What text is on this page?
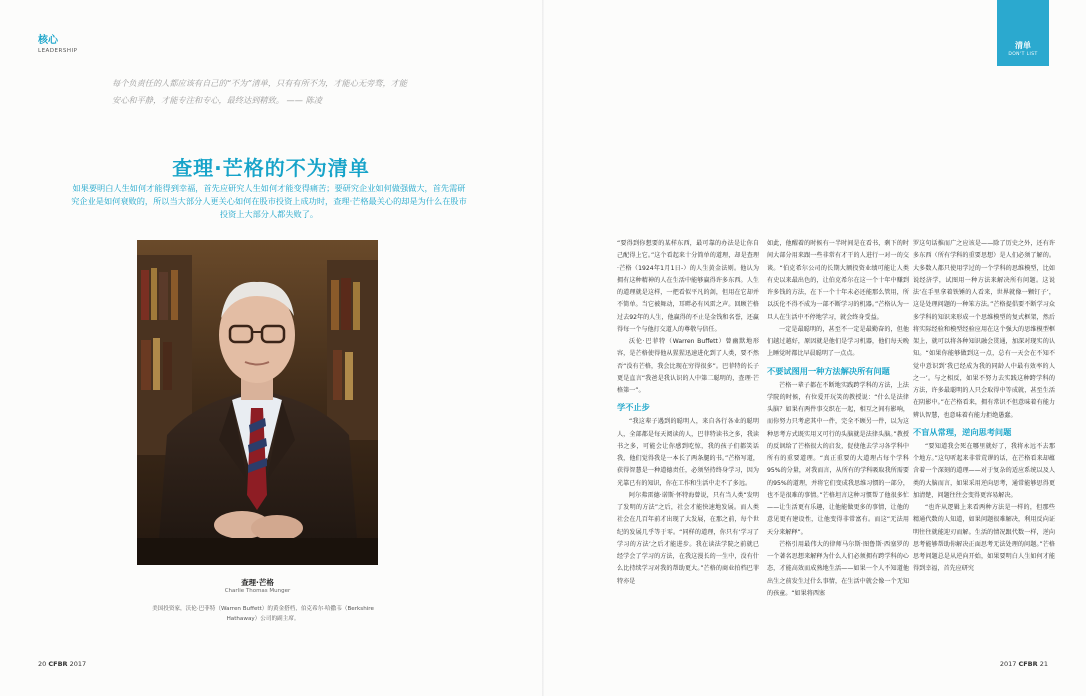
核心
LEADERSHIP
每个负责任的人都应该有自己的“不为”清单，只有有所不为，才能心无旁骛，才能安心和平静，才能专注和专心，最终达到精致。 —— 陈凌
查理·芒格的不为清单
如果要明白人生如何才能得到幸福，首先应研究人生如何才能变得痛苦；要研究企业如何做强做大，首先需研究企业是如何衰败的，所以当大部分人更关心如何在股市投资上成功时，查理·芒格最关心的却是为什么在股市投资上大部分人都失败了。
查理·芒格
Charlie Thomas Munger
美国投资家，沃伦·巴菲特（Warren Buffett）的黄金搭档，伯克希尔·哈撒韦（Berkshire Hathaway）公司的副主席。
20 CFBR 2017
清单
DON'T LIST

“要得到你想要的某样东西，最可靠的办法是让你自己配得上它。”这个看起来十分简单的道理，却是查理·芒格（1924年1月1日-）的人生黄金法则。他认为拥有这种精神的人在生活中能够赢得许多东西。人生的道理就是这样，一把看似平凡的剑，但用在它却并不简单。当它被舞动，耳畔必有风雷之声。回顾芒格过去92年的人生，他赢得的不止是金钱和名誉，还赢得每一个与他打交道人的尊敬与信任。

沃伦·巴菲特（Warren Buffett）曾幽默地形容，是芒格使得他从猩猩迅速进化到了人类，要不然否“没有芒格，我会比现在穷得很多”。巴菲特的长子更是直言“我爸是我认识的人中第二聪明的，查理·芒格第一”。

学不止步

“我这辈子遇到的聪明人，来自各行各业的聪明人，全部都是每天阅读的人，巴菲特读书之多，我读书之多，可能会让你感到吃惊，我的孩子们都笑话我，他们觉得我是一本长了两条腿的书。”芒格写道，获得智慧是一种道德责任，必须坚持终身学习，因为光靠已有的知识，你在工作和生活中走不了多远。

阿尔弗雷德·诺斯·怀特海曾说，只有当人类“发明了发明的方法”之后，社会才能快速地发展。而人类社会在几百年前才出现了大发展，在那之前，每个世纪的发展几乎等于零。“同样的道理，你只有‘学习了学习的方法’之后才能进步。我在读法学院之前就已经学会了学习的方法，在我这漫长的一生中，没有什么比持续学习对我的帮助更大。”芒格的商业拍档巴菲特亦是

如此，他醒着的时候有一半时间是在看书，剩下的时间大部分用来跟一些非常有才干的人进行一对一的交谈。“伯克希尔公司的长期大额投资业绩可能让人类有史以来最出色的，让伯克希尔在这一个十年中赚到许多钱的方法，在下一个十年未必还能那么管用，所以沃伦不得不成为一部不断学习的机器。”芒格认为一旦人在生活中不停地学习，就会终身受益。

一定是最聪明的，甚至不一定是最勤奋的，但他们越过越好，原因就是他们是学习机器，他们每天晚上睡觉时都比早晨聪明了一点点。

不要试图用一种方法解决所有问题

芒格一辈子都在不断地实践跨学科的方法，上法学院的时候，有位爱开玩笑的教授说：“什么是法律头脑？如果有两件事交织在一起，相互之间有影响，而你努力只考虑其中一件，完全不顾另一件，以为这种思考方式既实用又可行的头脑就是法律头脑。”教授的反讽给了芒格很大的启发，促使他去学习各学科中所有的重要道理。“真正重要的大道理占每个学科95%的分量，对我而言，从所有的学科吸取我所需要的95%的道理，并将它们变成我思维习惯的一部分，也不是很难的事情。”芒格坦言这种习惯帮了他很多忙——让生活更有乐趣，让他能做更多的事情，让他的意见更有建设性，让他变得非常富有。而这“无法用天分来解释”。

芒格引用最伟大的律师马尔斯·图鲁斯·西塞罗的一个著名思想来解释为什么人们必须拥有跨学科的心态，才能高效而成熟地生活——如果一个人不知道他出生之前发生过什么事情，在生活中就会像一个无知的孩童。“如果将西塞

罗这句话推而广之应该是——除了历史之外，还有许多东西（所有学科的重要思想）是人们必须了解的。大多数人都只使用学过的一个学科的思维模型，比如说经济学，试图用一种方法来解决所有问题。这说法‘在手里拿着铁锤的人看来，世界就像一颗钉子’，这是处理问题的一种笨方法。”芒格提倡要不断学习众多学科的知识来形成一个思维模型的复式框架，然后将实际经验和模型经验应用在这个强大的思维模型框架上，就可以将各种知识融会贯通，加深对现实的认知。“如果你能够做到这一点，总有一天会在不知不觉中意识到‘我已经成为我的同龄人中最有效率的人之一’。与之相反，如果不努力去实践这种跨学科的方法，许多最聪明的人只会取得中等成就，甚至生活在阴影中。”在芒格看来，拥有常识不但意味着有能力辨认智慧，也意味着有能力拒绝愚蠢。

不盲从常理，逆向思考问题

“要知道我会死在哪里就好了，我将永远不去那个地方。”这句听起来非常荒谬的话，在芒格看来却蕴含着一个深刻的道理——对于复杂的适应系统以及人类的大脑而言，如果采用逆向思考，通常能够思得更加清楚，问题往往会变得更容易解决。

“也许从逻辑上来看两种方法是一样的，但那些精通代数的人知道，如果问题很难解决，利用反向证明往往就能迎刃而解。生活的情况跟代数一样，逆向思考能够帮助你解决正面思考无法处理的问题。”芒格思考问题总是从逆向开始，如果要明白人生如何才能得到幸福，首先应研究

2017 CFBR 21
